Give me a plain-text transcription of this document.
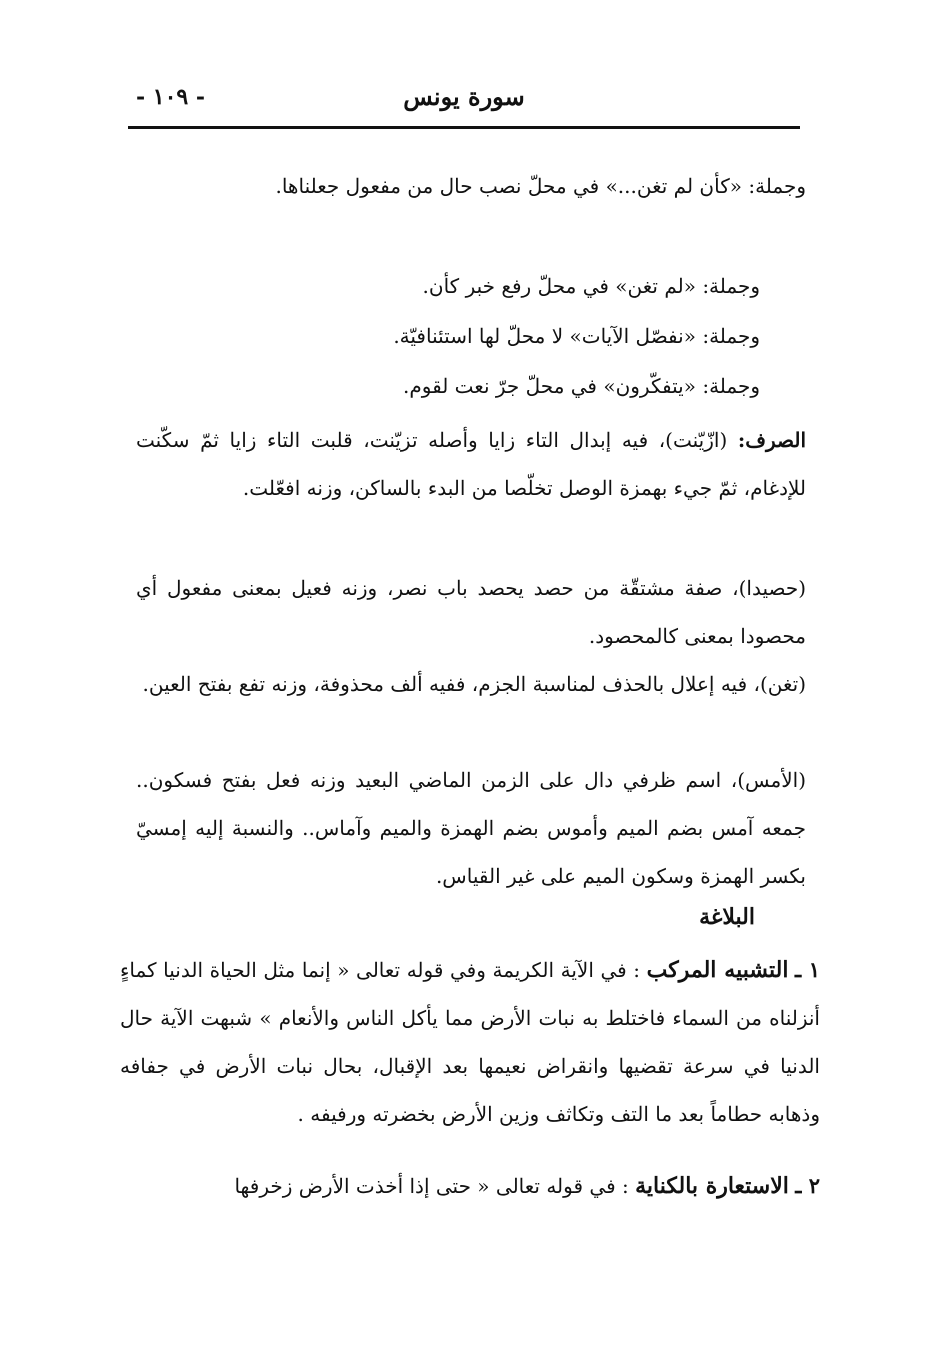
سورة يونس
- ١٠٩ -
وجملة: «كأن لم تغن...» في محلّ نصب حال من مفعول جعلناها.
وجملة: «لم تغن» في محلّ رفع خبر كأن.
وجملة: «نفصّل الآيات» لا محلّ لها استئنافيّة.
وجملة: «يتفكّرون» في محلّ جرّ نعت لقوم.
الصرف: (ازّيّنت)، فيه إبدال التاء زايا وأصله تزيّنت، قلبت التاء زايا ثمّ سكّنت للإدغام، ثمّ جيء بهمزة الوصل تخلّصا من البدء بالساكن، وزنه افعّلت.
(حصيدا)، صفة مشتقّة من حصد يحصد باب نصر، وزنه فعيل بمعنى مفعول أي محصودا بمعنى كالمحصود.
(تغن)، فيه إعلال بالحذف لمناسبة الجزم، ففيه ألف محذوفة، وزنه تفع بفتح العين.
(الأمس)، اسم ظرفي دال على الزمن الماضي البعيد وزنه فعل بفتح فسكون.. جمعه آمس بضم الميم وأموس بضم الهمزة والميم وآماس.. والنسبة إليه إمسيّ بكسر الهمزة وسكون الميم على غير القياس.
البلاغة
١ ـ التشبيه المركب : في الآية الكريمة وفي قوله تعالى « إنما مثل الحياة الدنيا كماءٍ أنزلناه من السماء فاختلط به نبات الأرض مما يأكل الناس والأنعام » شبهت الآية حال الدنيا في سرعة تقضيها وانقراض نعيمها بعد الإقبال، بحال نبات الأرض في جفافه وذهابه حطاماً بعد ما التف وتكاثف وزين الأرض بخضرته ورفيفه .
٢ ـ الاستعارة بالكناية : في قوله تعالى « حتى إذا أخذت الأرض زخرفها
